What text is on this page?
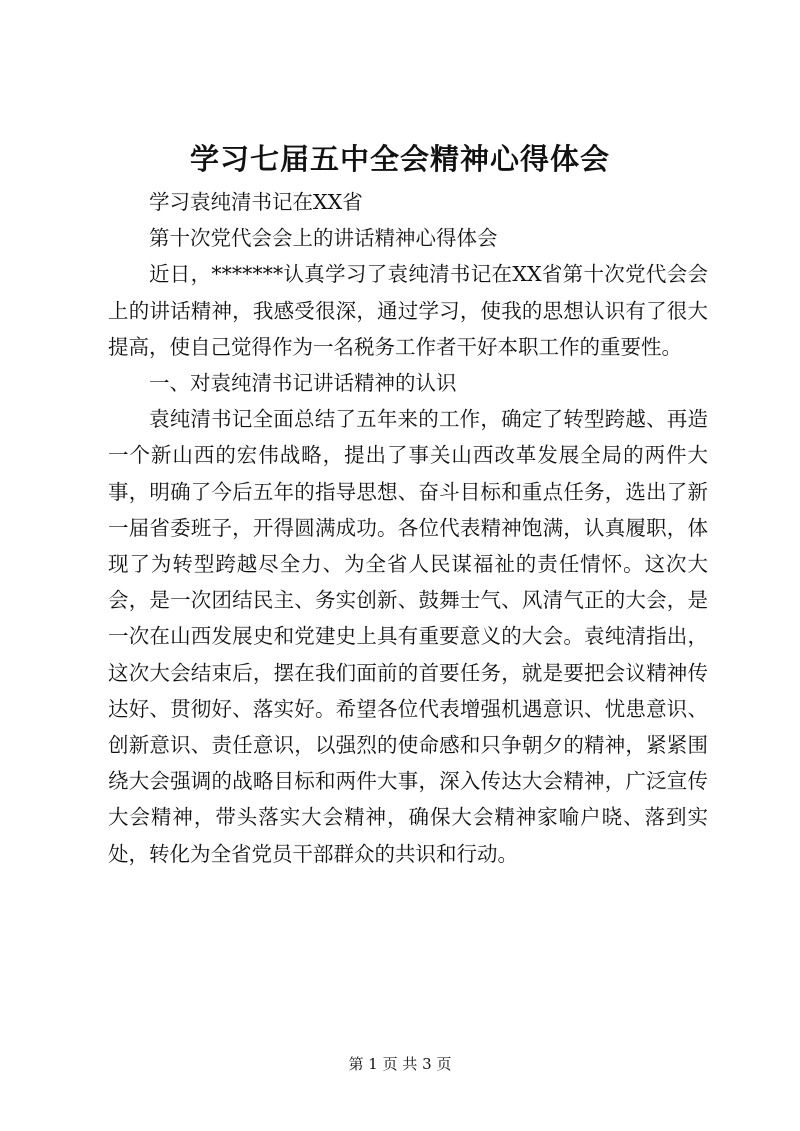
学习七届五中全会精神心得体会

学习袁纯清书记在XX省

第十次党代会会上的讲话精神心得体会

近日，*******认真学习了袁纯清书记在XX省第十次党代会会上的讲话精神，我感受很深，通过学习，使我的思想认识有了很大提高，使自己觉得作为一名税务工作者干好本职工作的重要性。

一、对袁纯清书记讲话精神的认识

袁纯清书记全面总结了五年来的工作，确定了转型跨越、再造一个新山西的宏伟战略，提出了事关山西改革发展全局的两件大事，明确了今后五年的指导思想、奋斗目标和重点任务，选出了新一届省委班子，开得圆满成功。各位代表精神饱满，认真履职，体现了为转型跨越尽全力、为全省人民谋福祉的责任情怀。这次大会，是一次团结民主、务实创新、鼓舞士气、风清气正的大会，是一次在山西发展史和党建史上具有重要意义的大会。袁纯清指出，这次大会结束后，摆在我们面前的首要任务，就是要把会议精神传达好、贯彻好、落实好。希望各位代表增强机遇意识、忧患意识、创新意识、责任意识，以强烈的使命感和只争朝夕的精神，紧紧围绕大会强调的战略目标和两件大事，深入传达大会精神，广泛宣传大会精神，带头落实大会精神，确保大会精神家喻户晓、落到实处，转化为全省党员干部群众的共识和行动。

第 1 页 共 3 页
